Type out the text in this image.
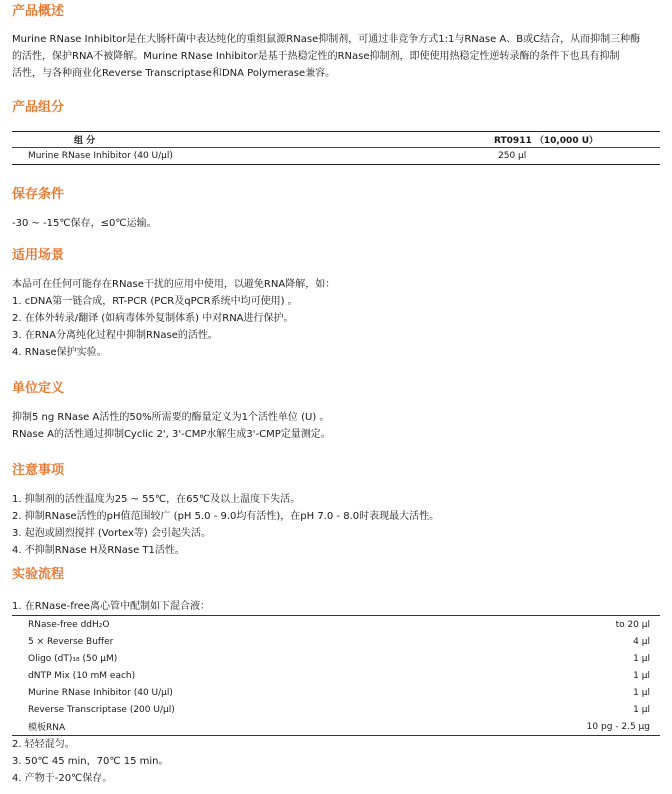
产品概述

Murine RNase Inhibitor是在大肠杆菌中表达纯化的重组鼠源RNase抑制剂，可通过非竞争方式1:1与RNase A、B或C结合，从而抑制三种酶

的活性，保护RNA不被降解。Murine RNase Inhibitor是基于热稳定性的RNase抑制剂，即使使用热稳定性逆转录酶的条件下也具有抑制

活性，与各种商业化Reverse Transcriptase和DNA Polymerase兼容。

产品组分
组 分	RT0911 （10,000 U）
Murine RNase Inhibitor (40 U/μl)	250 μl
保存条件

-30 ~ -15℃保存，≤0℃运输。

适用场景

本品可在任何可能存在RNase干扰的应用中使用，以避免RNA降解，如：

1. cDNA第一链合成，RT-PCR (PCR及qPCR系统中均可使用) 。

2. 在体外转录/翻译 (如病毒体外复制体系) 中对RNA进行保护。

3. 在RNA分离纯化过程中抑制RNase的活性。

4. RNase保护实验。

单位定义

抑制5 ng RNase A活性的50%所需要的酶量定义为1个活性单位 (U) 。

RNase A的活性通过抑制Cyclic 2', 3'-CMP水解生成3'-CMP定量测定。

注意事项

1. 抑制剂的活性温度为25 ~ 55℃，在65℃及以上温度下失活。

2. 抑制RNase活性的pH值范围较广 (pH 5.0 - 9.0均有活性)，在pH 7.0 - 8.0时表现最大活性。

3. 起泡或剧烈搅拌 (Vortex等) 会引起失活。

4. 不抑制RNase H及RNase T1活性。

实验流程

1. 在RNase-free离心管中配制如下混合液：

RNase-free ddH₂O	to 20 μl
5 × Reverse Buffer	4 μl
Oligo (dT)₁₈ (50 μM)	1 μl
dNTP Mix (10 mM each)	1 μl
Murine RNase Inhibitor (40 U/μl)	1 μl
Reverse Transcriptase (200 U/μl)	1 μl
模板RNA	10 pg - 2.5 μg

2. 轻轻混匀。

3. 50℃ 45 min，70℃ 15 min。

4. 产物于-20℃保存。
